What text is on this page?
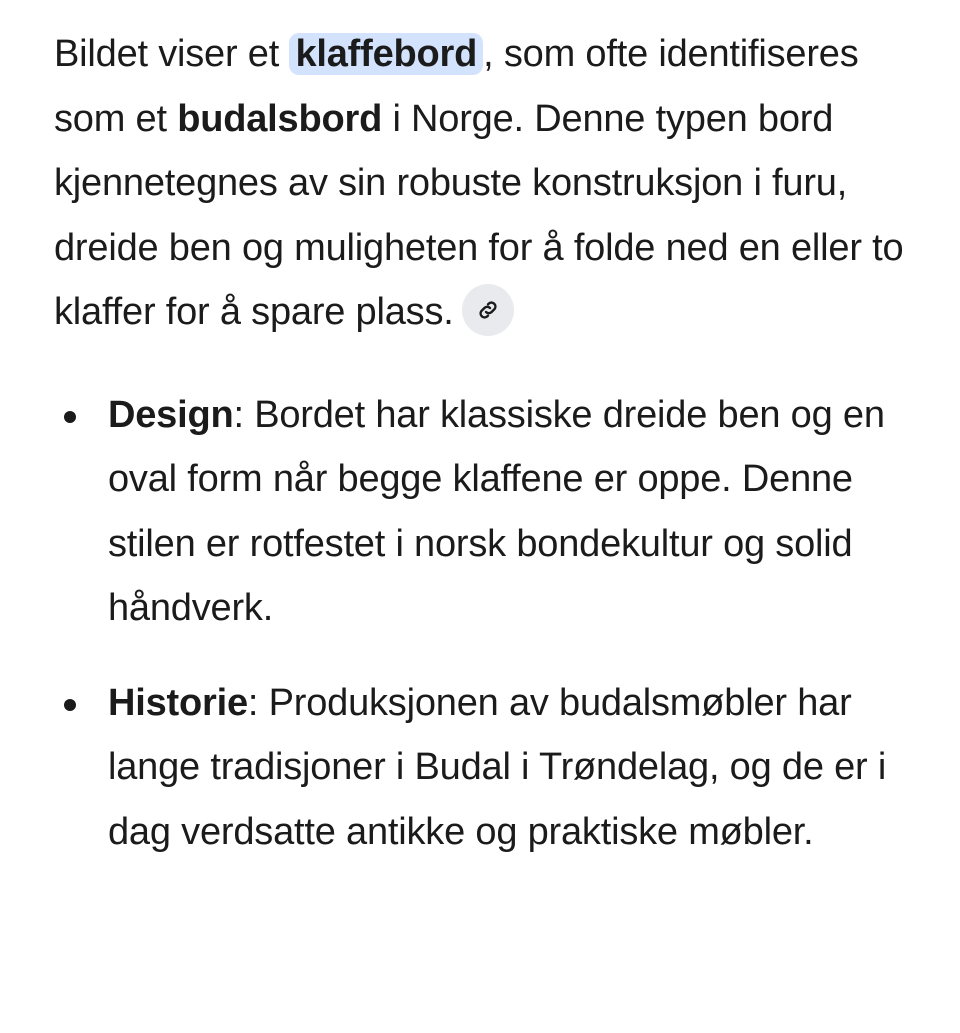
Bildet viser et klaffebord , som ofte identifiseres som et budalsbord i Norge. Denne typen bord kjennetegnes av sin robuste konstruksjon i furu, dreide ben og muligheten for å folde ned en eller to klaffer for å spare plass.

Design: Bordet har klassiske dreide ben og en oval form når begge klaffene er oppe. Denne stilen er rotfestet i norsk bondekultur og solid håndverk.
Historie: Produksjonen av budalsmøbler har lange tradisjoner i Budal i Trøndelag, og de er i dag verdsatte antikke og praktiske møbler.
